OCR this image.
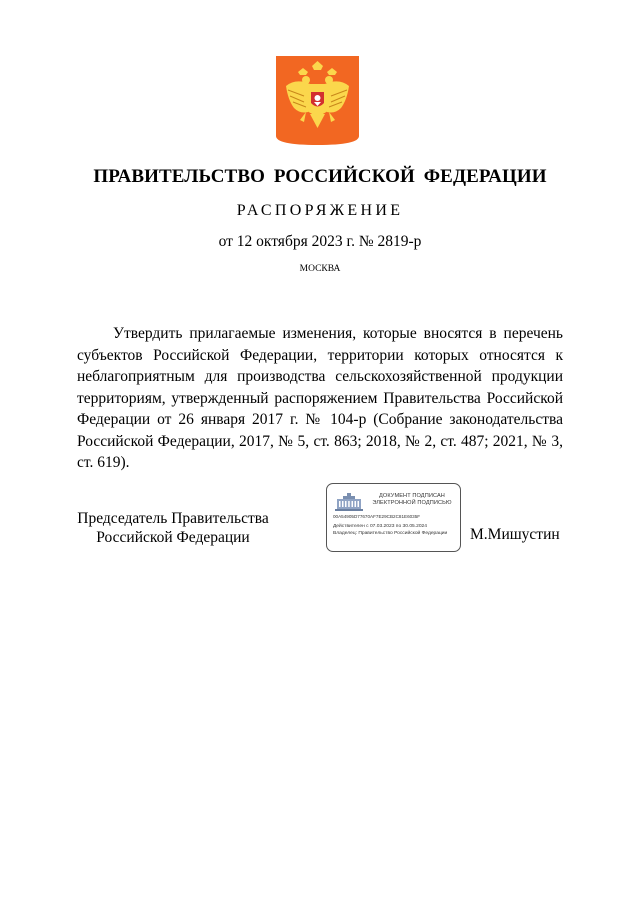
ПРАВИТЕЛЬСТВО РОССИЙСКОЙ ФЕДЕРАЦИИ
РАСПОРЯЖЕНИЕ
от 12 октября 2023 г. № 2819-р
МОСКВА

Утвердить прилагаемые изменения, которые вносятся в перечень субъектов Российской Федерации, территории которых относятся к неблагоприятным для производства сельскохозяйственной продукции территориям, утвержденный распоряжением Правительства Российской Федерации от 26 января 2017 г. № 104-р (Собрание законодательства Российской Федерации, 2017, № 5, ст. 863; 2018, № 2, ст. 487; 2021, № 3, ст. 619).

Председатель Правительства
Российской Федерации
ДОКУМЕНТ ПОДПИСАН
ЭЛЕКТРОННОЙ ПОДПИСЬЮ
00A54905D77670AF7E29CB2C81E6035F
Действителен с 07.03.2023 по 30.05.2024
Владелец: Правительство Российской Федерации	М.Мишустин
